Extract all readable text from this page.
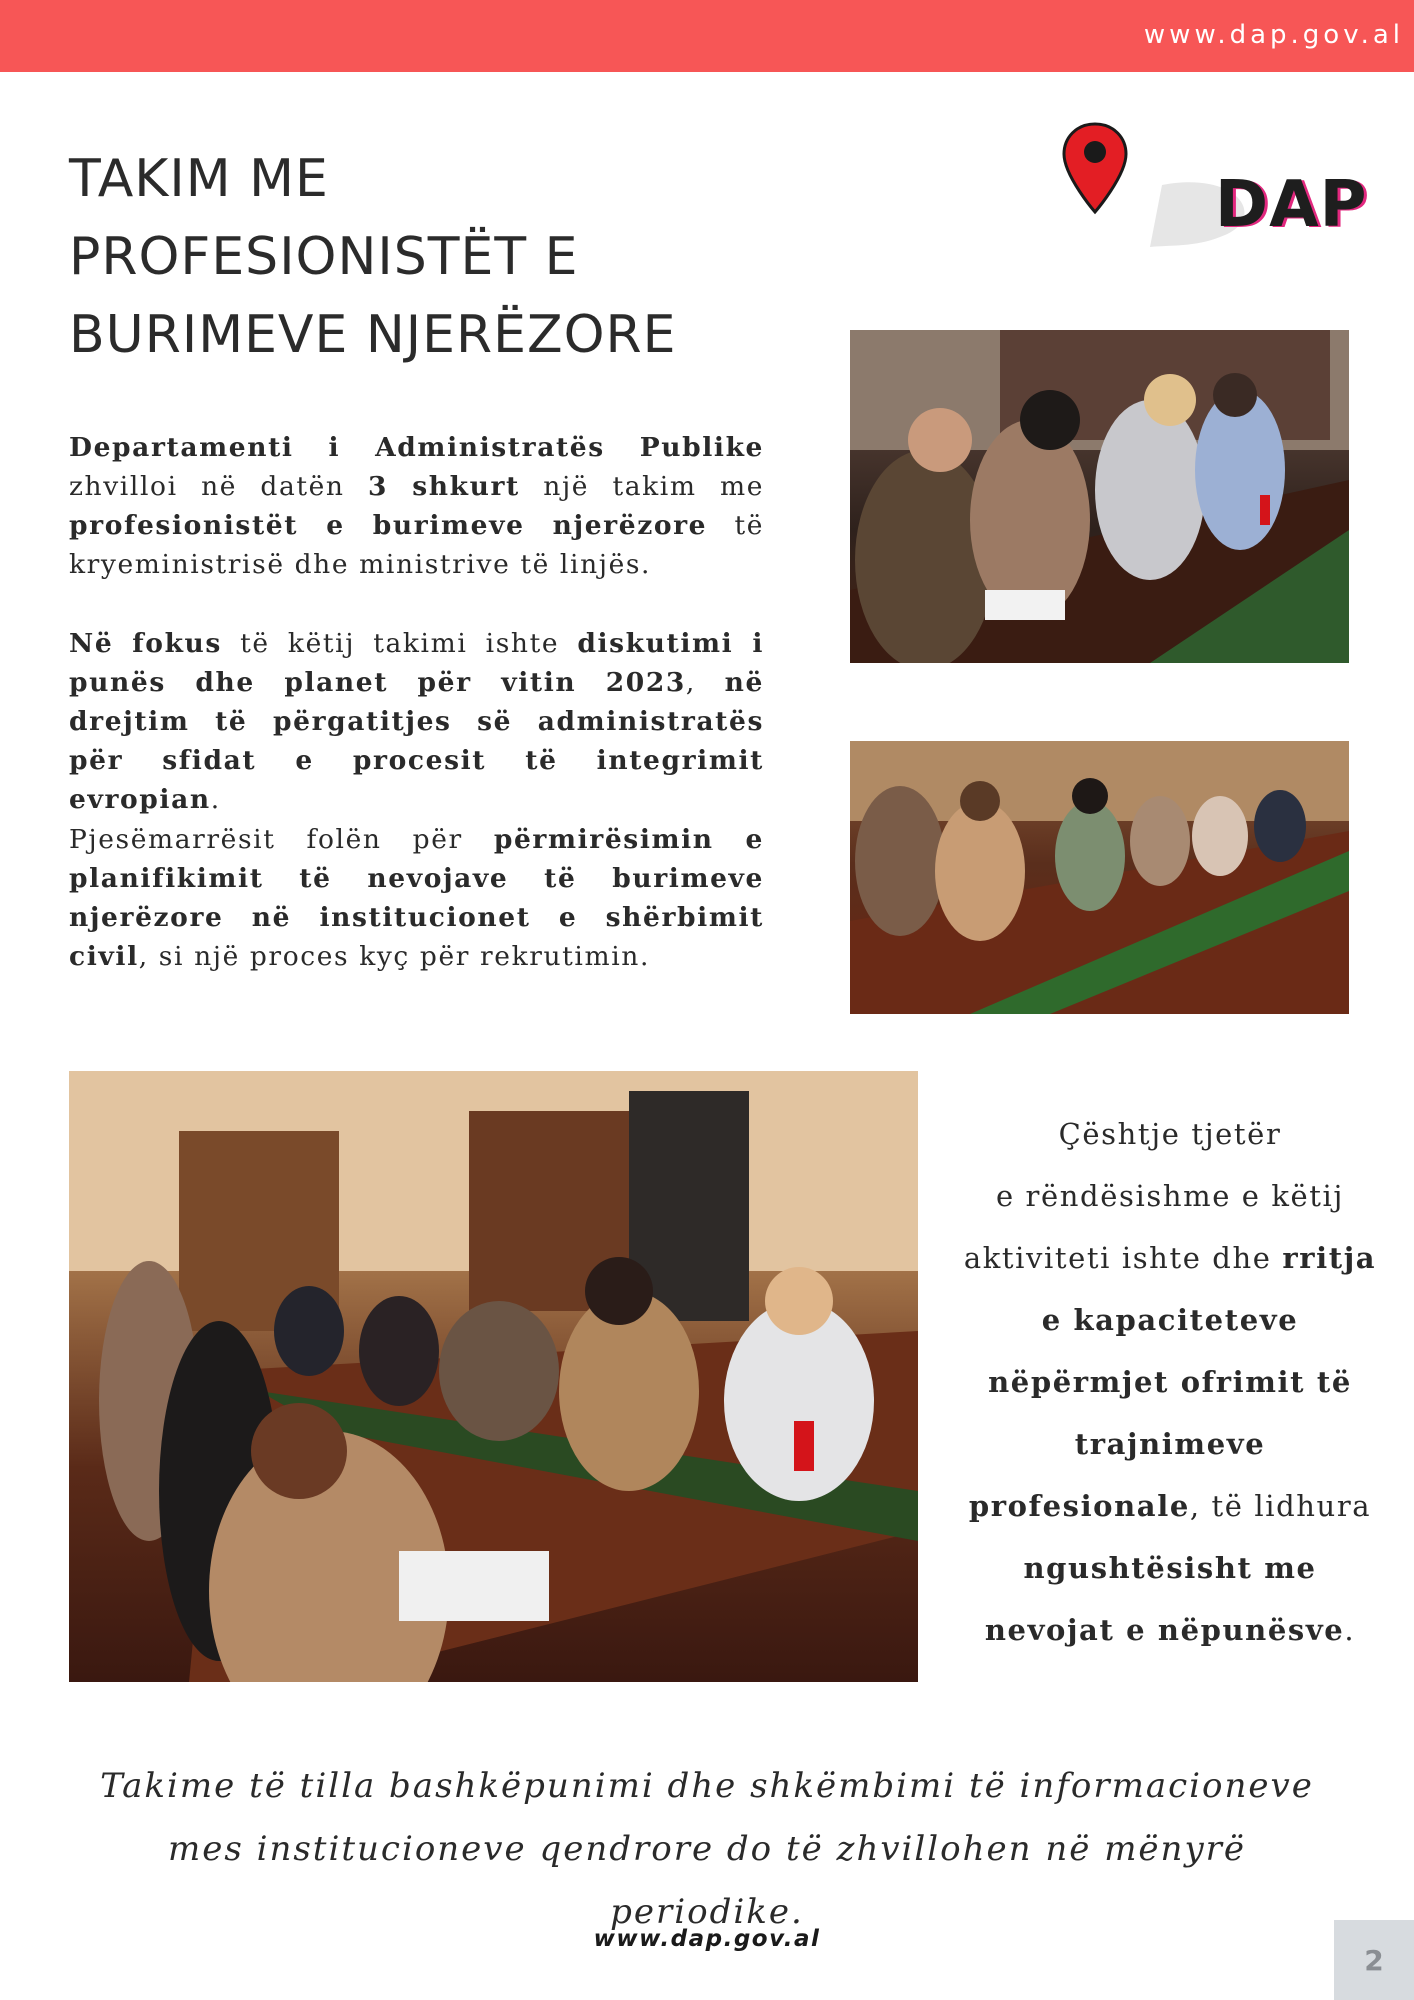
www.dap.gov.al
TAKIM ME PROFESIONISTËT E BURIMEVE NJERËZORE
DAP
Departamenti i Administratës Publike zhvilloi në datën 3 shkurt një takim me profesionistët e burimeve njerëzore të kryeministrisë dhe ministrive të linjës.
Në fokus të këtij takimi ishte diskutimi i punës dhe planet për vitin 2023, në drejtim të përgatitjes së administratës për sfidat e procesit të integrimit evropian.
Pjesëmarrësit folën për përmirësimin e planifikimit të nevojave të burimeve njerëzore në institucionet e shërbimit civil, si një proces kyç për rekrutimin.
Çështje tjetër
e rëndësishme e këtij aktiviteti ishte dhe rritja e kapaciteteve nëpërmjet ofrimit të trajnimeve profesionale, të lidhura ngushtësisht me nevojat e nëpunësve.

Takime të tilla bashkëpunimi dhe shkëmbimi të informacioneve mes institucioneve qendrore do të zhvillohen në mënyrë periodike.

www.dap.gov.al
2
